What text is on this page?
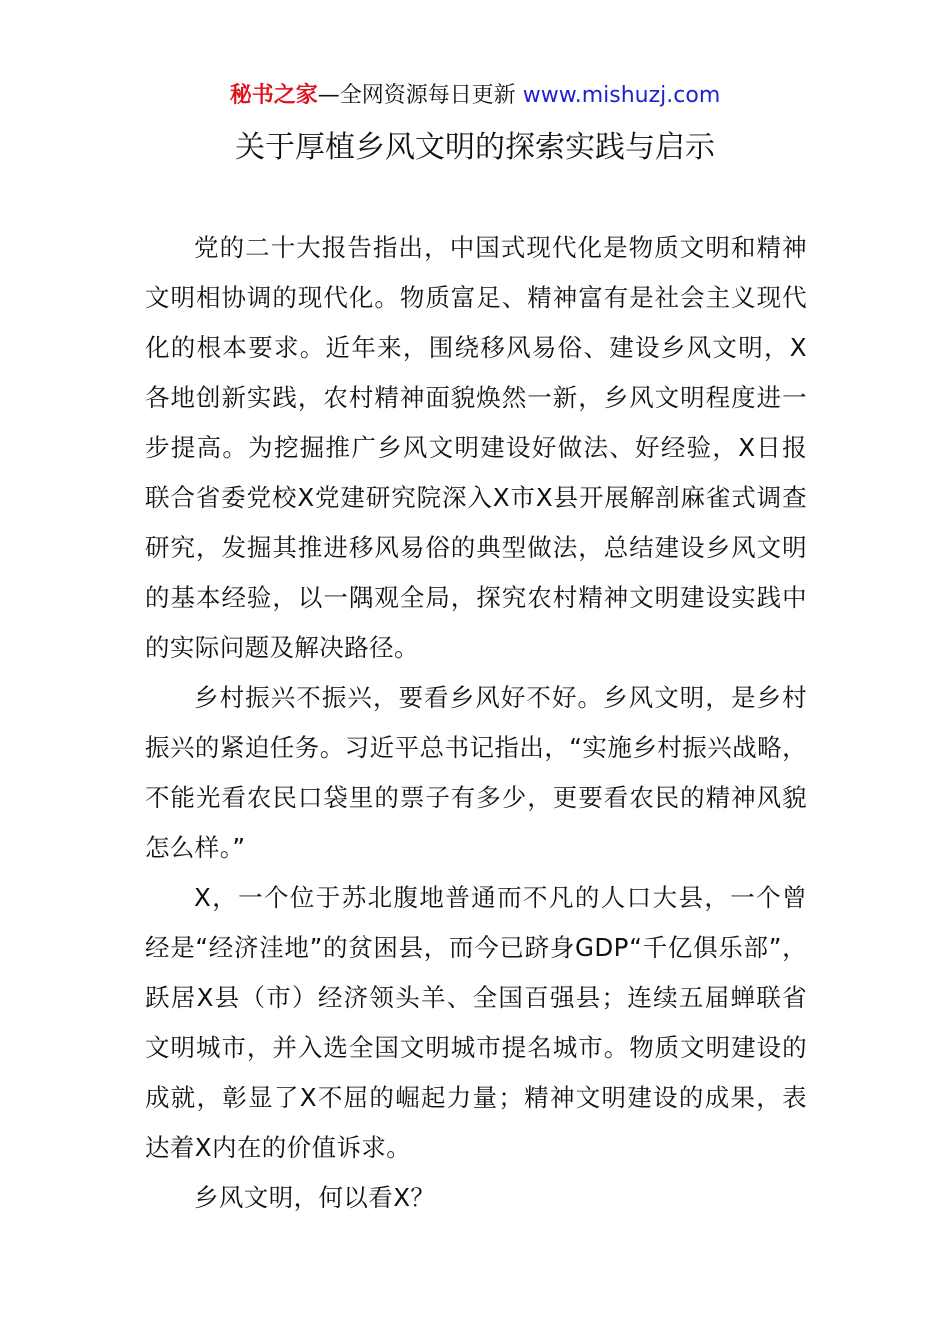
秘书之家—全网资源每日更新 www.mishuzj.com
关于厚植乡风文明的探索实践与启示

党的二十大报告指出，中国式现代化是物质文明和精神文明相协调的现代化。物质富足、精神富有是社会主义现代化的根本要求。近年来，围绕移风易俗、建设乡风文明，X各地创新实践，农村精神面貌焕然一新，乡风文明程度进一步提高。为挖掘推广乡风文明建设好做法、好经验，X日报联合省委党校X党建研究院深入X市X县开展解剖麻雀式调查研究，发掘其推进移风易俗的典型做法，总结建设乡风文明的基本经验，以一隅观全局，探究农村精神文明建设实践中的实际问题及解决路径。

乡村振兴不振兴，要看乡风好不好。乡风文明，是乡村振兴的紧迫任务。习近平总书记指出，“实施乡村振兴战略，不能光看农民口袋里的票子有多少，更要看农民的精神风貌怎么样。”

X，一个位于苏北腹地普通而不凡的人口大县，一个曾经是“经济洼地”的贫困县，而今已跻身GDP“千亿俱乐部”，跃居X县（市）经济领头羊、全国百强县；连续五届蝉联省文明城市，并入选全国文明城市提名城市。物质文明建设的成就，彰显了X不屈的崛起力量；精神文明建设的成果，表达着X内在的价值诉求。

乡风文明，何以看X？
